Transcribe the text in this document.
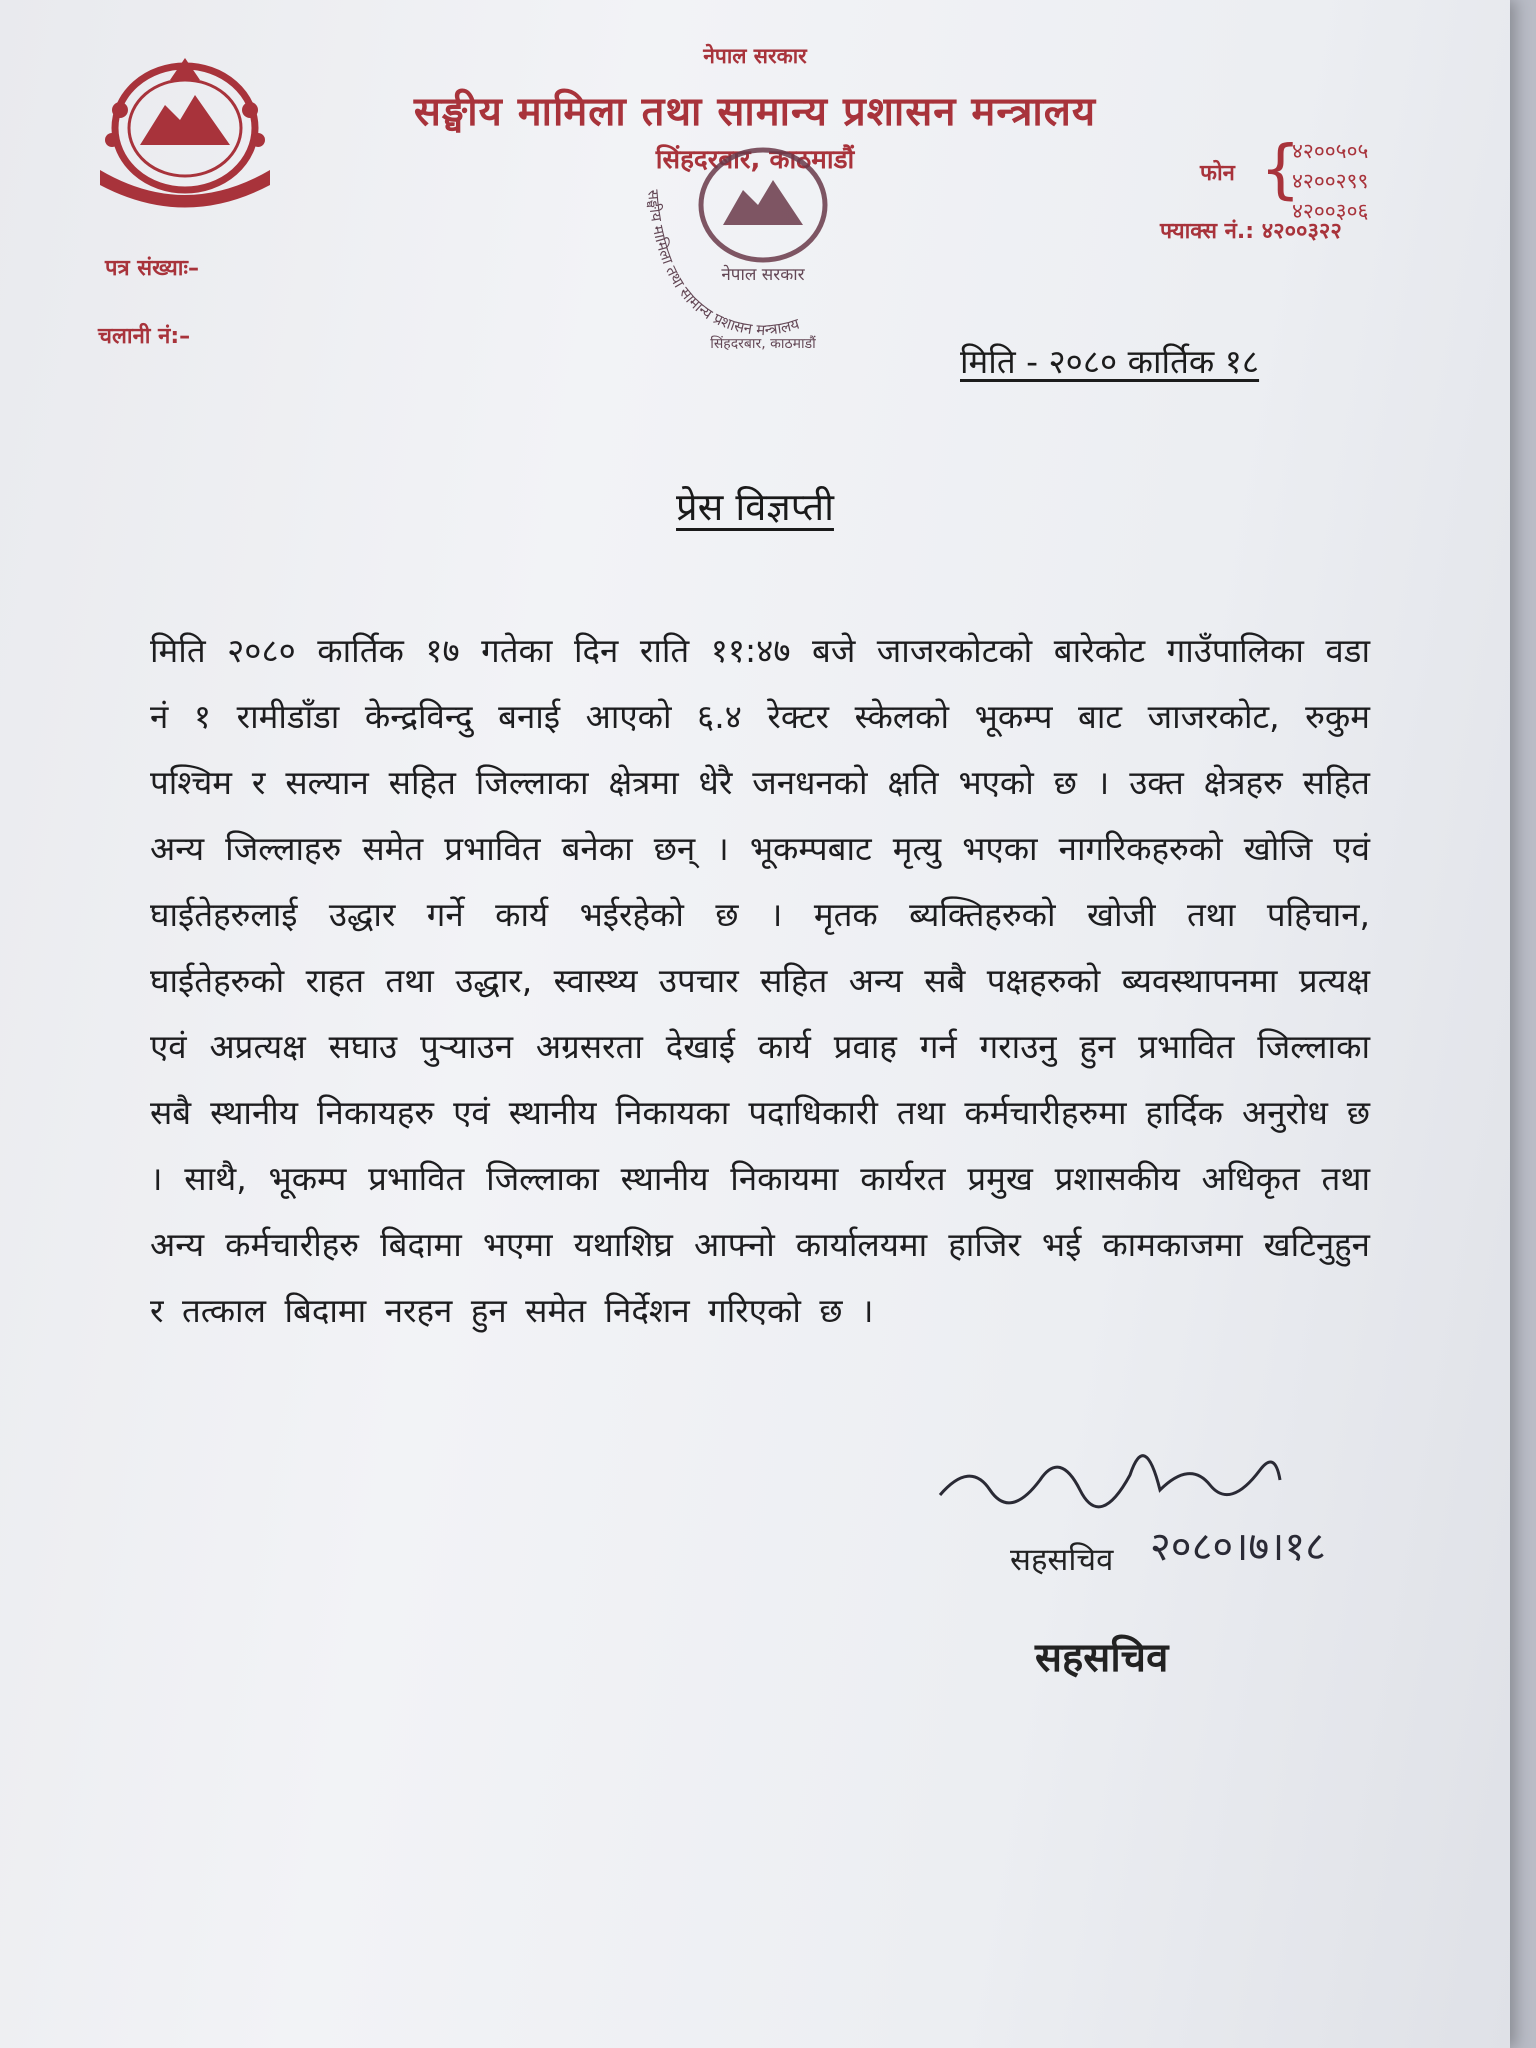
नेपाल सरकार
सङ्घीय मामिला तथा सामान्य प्रशासन मन्त्रालय
सिंहदरबार, काठमाडौं	फोन {
४२००५०५
४२००२९९
४२००३०६
फ्याक्स नं.: ४२००३२२
पत्र संख्याः–
चलानी नं:–
नेपाल सरकार
सङ्घीय मामिला तथा सामान्य प्रशासन मन्त्रालय
सिंहदरबार, काठमाडौं	मिति - २०८० कार्तिक १८
प्रेस विज्ञप्ती
मिति २०८० कार्तिक १७ गतेका दिन राति ११:४७ बजे जाजरकोटको बारेकोट गाउँपालिका वडा नं १ रामीडाँडा केन्द्रविन्दु बनाई आएको ६.४ रेक्टर स्केलको भूकम्प बाट जाजरकोट, रुकुम पश्चिम र सल्यान सहित जिल्लाका क्षेत्रमा धेरै जनधनको क्षति भएको छ । उक्त क्षेत्रहरु सहित अन्य जिल्लाहरु समेत प्रभावित बनेका छन् । भूकम्पबाट मृत्यु भएका नागरिकहरुको खोजि एवं घाईतेहरुलाई उद्धार गर्ने कार्य भईरहेको छ । मृतक ब्यक्तिहरुको खोजी तथा पहिचान, घाईतेहरुको राहत तथा उद्धार, स्वास्थ्य उपचार सहित अन्य सबै पक्षहरुको ब्यवस्थापनमा प्रत्यक्ष एवं अप्रत्यक्ष सघाउ पुर्‍याउन अग्रसरता देखाई कार्य प्रवाह गर्न गराउनु हुन प्रभावित जिल्लाका सबै स्थानीय निकायहरु एवं स्थानीय निकायका पदाधिकारी तथा कर्मचारीहरुमा हार्दिक अनुरोध छ । साथै, भूकम्प प्रभावित जिल्लाका स्थानीय निकायमा कार्यरत प्रमुख प्रशासकीय अधिकृत तथा अन्य कर्मचारीहरु बिदामा भएमा यथाशिघ्र आफ्नो कार्यालयमा हाजिर भई कामकाजमा खटिनुहुन र तत्काल बिदामा नरहन हुन समेत निर्देशन गरिएको छ ।
२०८०।७।१८
सहसचिव
सहसचिव
